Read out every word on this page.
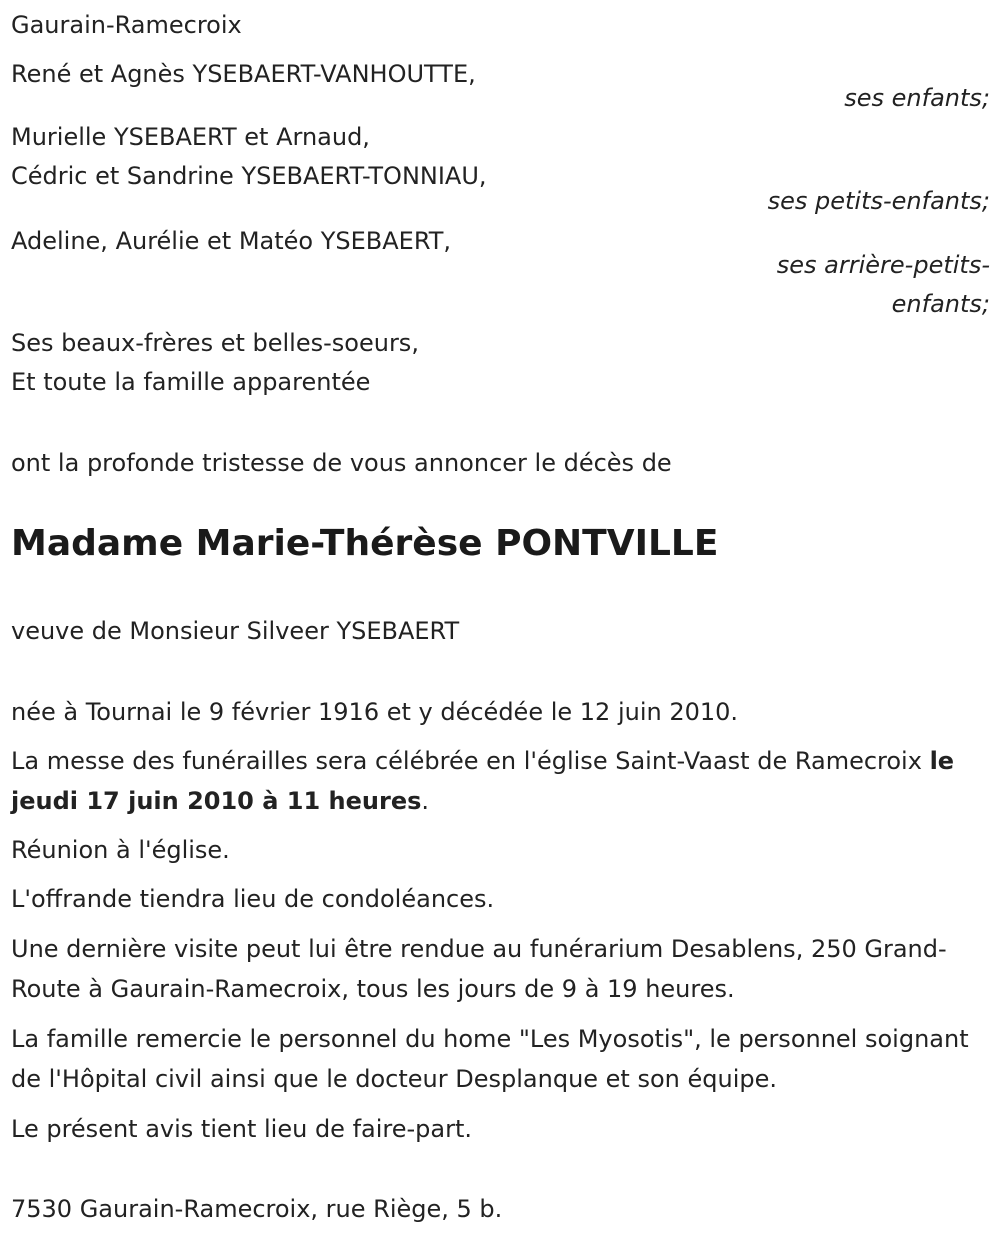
Gaurain-Ramecroix
René et Agnès YSEBAERT-VANHOUTTE,
ses enfants;
Murielle YSEBAERT et Arnaud,
Cédric et Sandrine YSEBAERT-TONNIAU,
ses petits-enfants;
Adeline, Aurélie et Matéo YSEBAERT,
ses arrière-petits-
enfants;
Ses beaux-frères et belles-soeurs,
Et toute la famille apparentée
ont la profonde tristesse de vous annoncer le décès de
Madame Marie-Thérèse PONTVILLE
veuve de Monsieur Silveer YSEBAERT
née à Tournai le 9 février 1916 et y décédée le 12 juin 2010.
La messe des funérailles sera célébrée en l'église Saint-Vaast de Ramecroix le jeudi 17 juin 2010 à 11 heures.
Réunion à l'église.
L'offrande tiendra lieu de condoléances.
Une dernière visite peut lui être rendue au funérarium Desablens, 250 Grand-Route à Gaurain-Ramecroix, tous les jours de 9 à 19 heures.
La famille remercie le personnel du home "Les Myosotis", le personnel soignant de l'Hôpital civil ainsi que le docteur Desplanque et son équipe.
Le présent avis tient lieu de faire-part.
7530 Gaurain-Ramecroix, rue Riège, 5 b.
